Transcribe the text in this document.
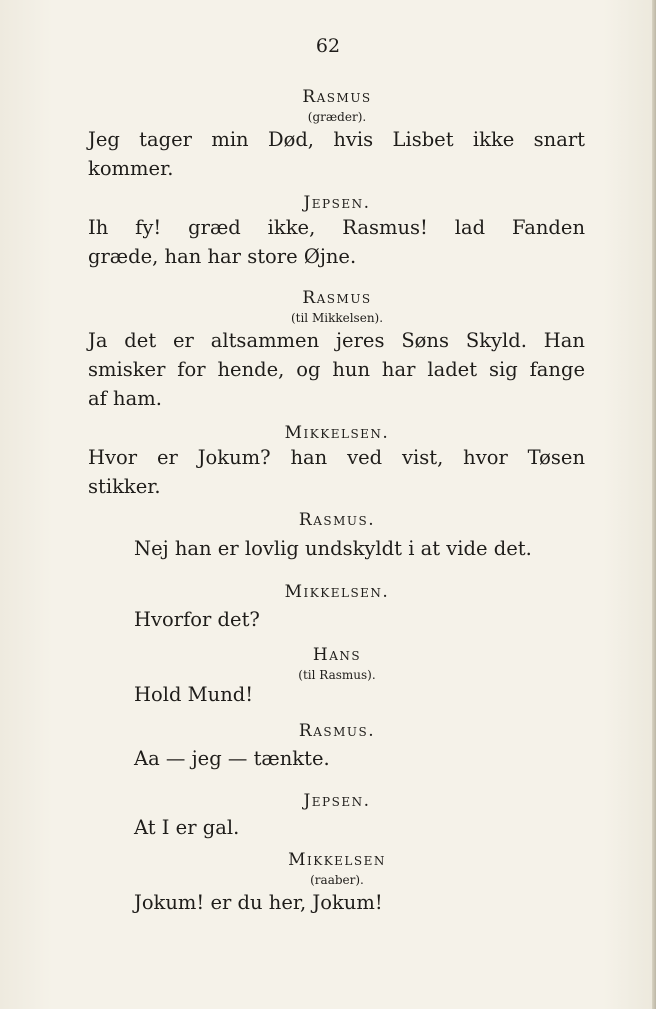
62
Rasmus
(græder).
Jeg tager min Død, hvis Lisbet ikke snart
kommer.
Jepsen.
Ih fy! græd ikke, Rasmus! lad Fanden
græde, han har store Øjne.
Rasmus
(til Mikkelsen).
Ja det er altsammen jeres Søns Skyld. Han
smisker for hende, og hun har ladet sig fange
af ham.
Mikkelsen.
Hvor er Jokum? han ved vist, hvor Tøsen
stikker.
Rasmus.
Nej han er lovlig undskyldt i at vide det.
Mikkelsen.
Hvorfor det?
Hans
(til Rasmus).
Hold Mund!
Rasmus.
Aa — jeg — tænkte.
Jepsen.
At I er gal.
Mikkelsen
(raaber).
Jokum! er du her, Jokum!
